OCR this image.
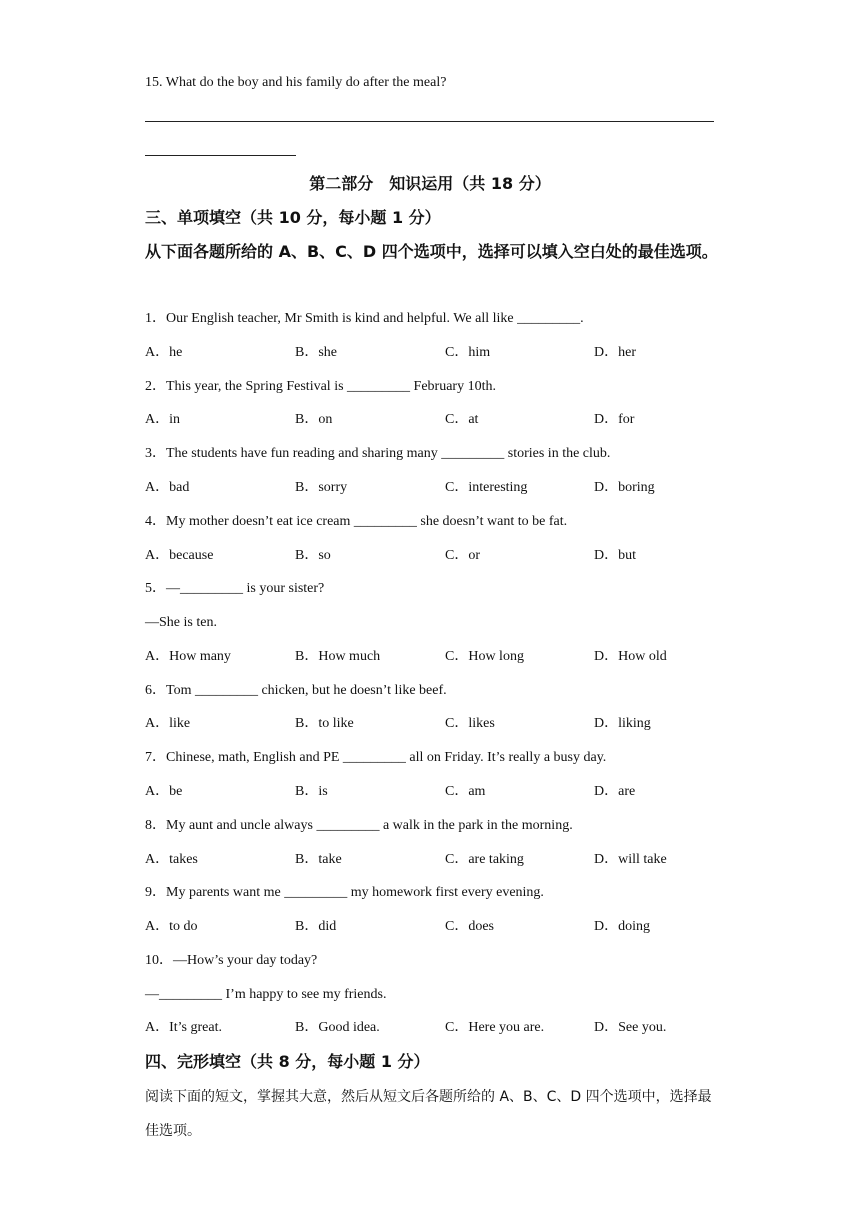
15. What do the boy and his family do after the meal?
第二部分　知识运用（共 18 分）
三、单项填空（共 10 分，每小题 1 分）
从下面各题所给的 A、B、C、D 四个选项中，选择可以填入空白处的最佳选项。
1．Our English teacher, Mr Smith is kind and helpful. We all like _________.
A．he	B．she	C．him	D．her
2．This year, the Spring Festival is _________ February 10th.
A．in	B．on	C．at	D．for
3．The students have fun reading and sharing many _________ stories in the club.
A．bad	B．sorry	C．interesting	D．boring
4．My mother doesn’t eat ice cream _________ she doesn’t want to be fat.
A．because	B．so	C．or	D．but
5．—_________ is your sister?
—She is ten.
A．How many	B．How much	C．How long	D．How old
6．Tom _________ chicken, but he doesn’t like beef.
A．like	B．to like	C．likes	D．liking
7．Chinese, math, English and PE _________ all on Friday. It’s really a busy day.
A．be	B．is	C．am	D．are
8．My aunt and uncle always _________ a walk in the park in the morning.
A．takes	B．take	C．are taking	D．will take
9．My parents want me _________ my homework first every evening.
A．to do	B．did	C．does	D．doing
10．—How’s your day today?
—_________ I’m happy to see my friends.
A．It’s great.	B．Good idea.	C．Here you are.	D．See you.
四、完形填空（共 8 分，每小题 1 分）
阅读下面的短文，掌握其大意，然后从短文后各题所给的 A、B、C、D 四个选项中，选择最佳选项。
